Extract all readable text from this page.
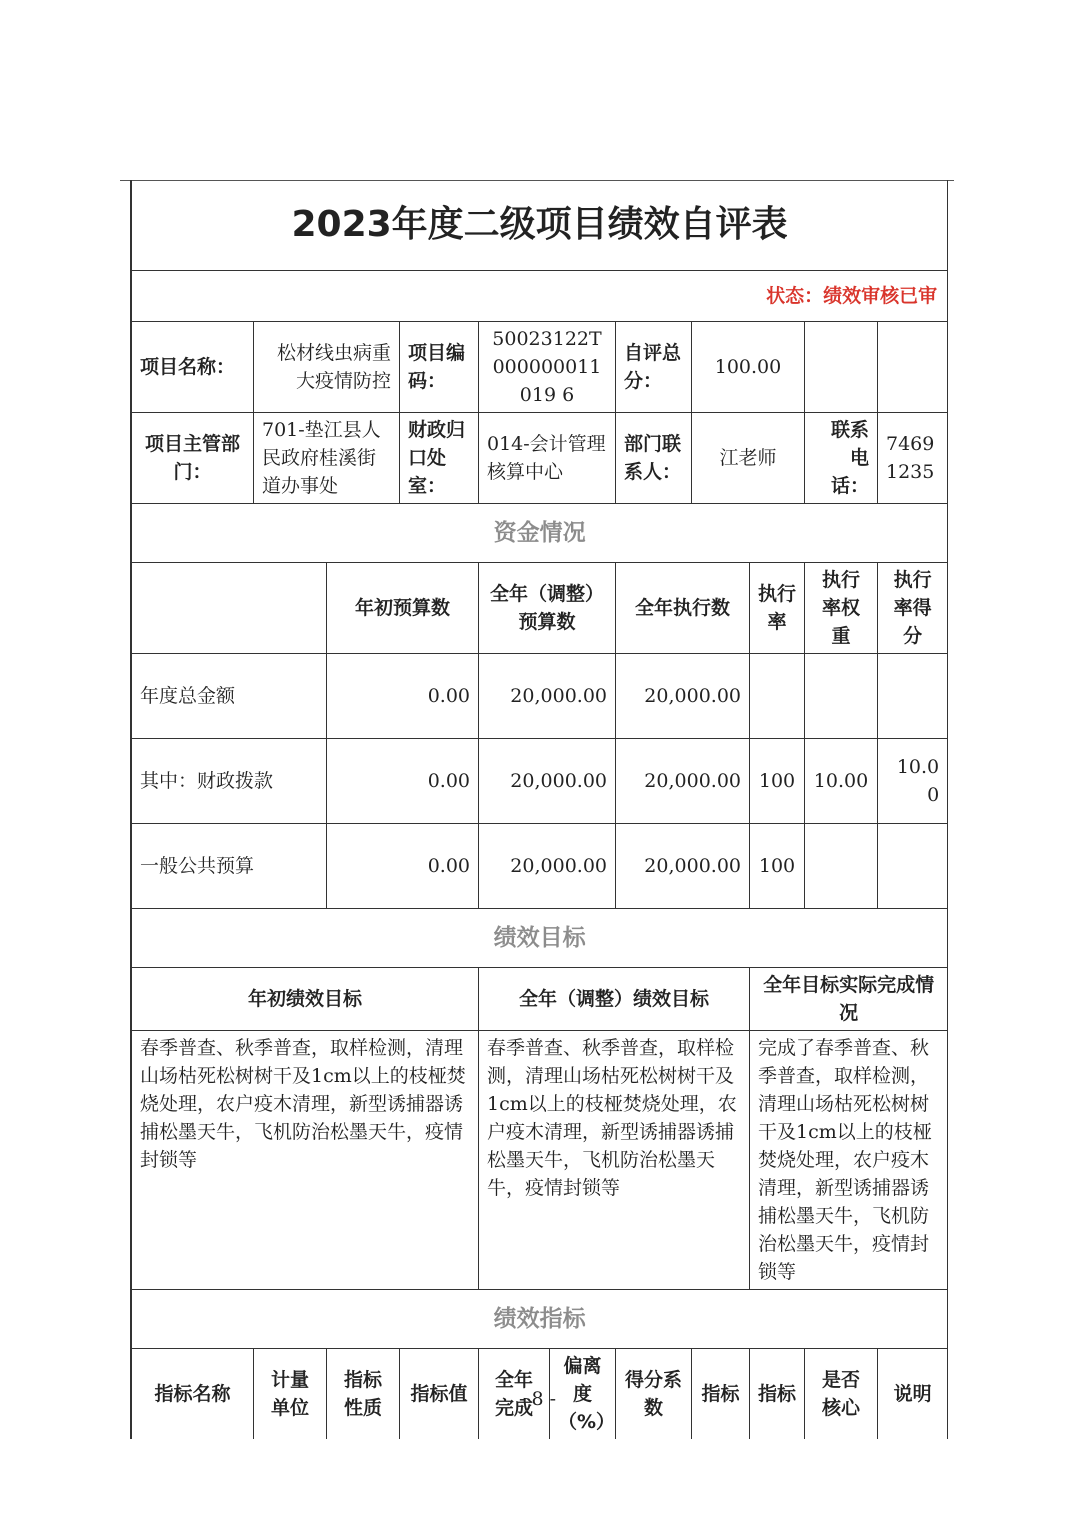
2023年度二级项目绩效自评表										
状态：绩效审核已审										
项目名称：	松材线虫病重大疫情防控		项目编码：	50023122T000000011019 6		自评总分：	100.00			
项目主管部门：	701-垫江县人民政府桂溪街道办事处		财政归口处室：	014-会计管理核算中心		部门联系人：	江老师		联系电话：	74691235
资金情况										
		年初预算数		全年（调整）预算数		全年执行数		执行率	执行率权重	执行率得分
年度总金额		0.00		20,000.00		20,000.00				
其中：财政拨款		0.00		20,000.00		20,000.00		100	10.00	10.00
一般公共预算		0.00		20,000.00		20,000.00		100		
绩效目标										
年初绩效目标				全年（调整）绩效目标				全年目标实际完成情况		
春季普查、秋季普查，取样检测，清理山场枯死松树树干及1cm以上的枝桠焚烧处理，农户疫木清理，新型诱捕器诱捕松墨天牛，飞机防治松墨天牛，疫情封锁等				春季普查、秋季普查，取样检测，清理山场枯死松树树干及1cm以上的枝桠焚烧处理，农户疫木清理，新型诱捕器诱捕松墨天牛，飞机防治松墨天牛，疫情封锁等				完成了春季普查、秋季普查，取样检测，清理山场枯死松树树干及1cm以上的枝桠焚烧处理，农户疫木清理，新型诱捕器诱捕松墨天牛，飞机防治松墨天牛，疫情封锁等		
绩效指标										
指标名称	计量单位	指标性质	指标值	全年完成	偏离度（%）	得分系数	指标	指标	是否核心	说明
- 8 -
